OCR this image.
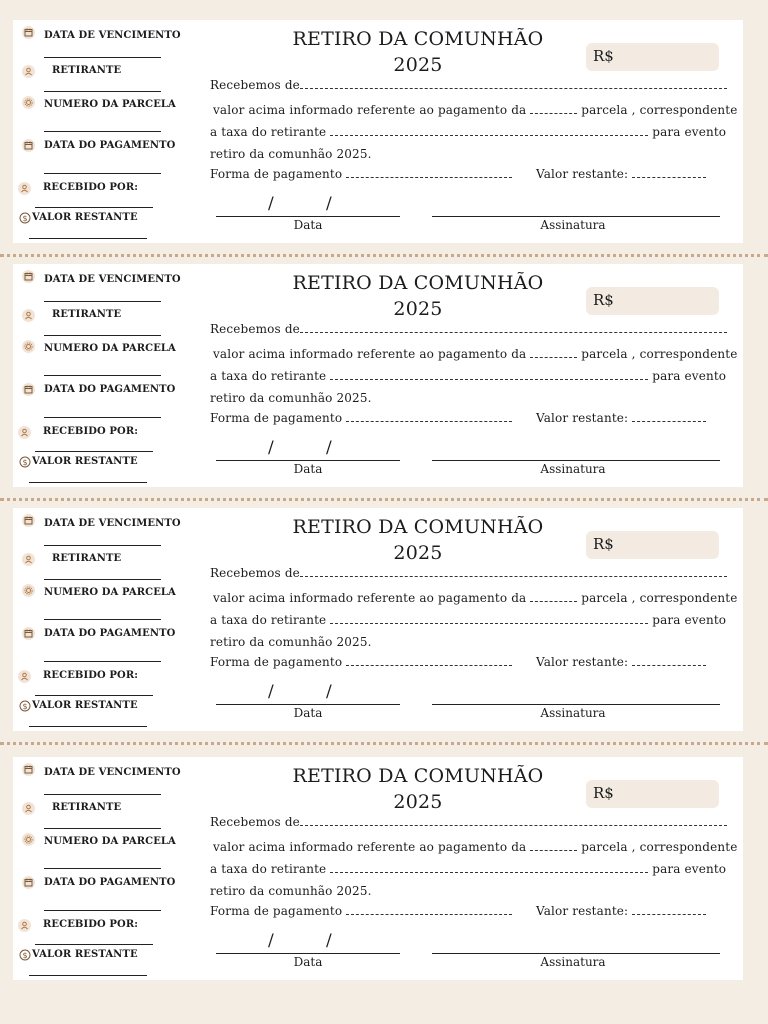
DATA DE VENCIMENTO
RETIRANTE
NUMERO DA PARCELA
DATA DO PAGAMENTO
RECEBIDO POR:
$ VALOR RESTANTE
RETIRO DA COMUNHÃO
2025	R$
Recebemos de
valor acima informado referente ao pagamento da	parcela , correspondente
a taxa do retirante	para evento
retiro da comunhão 2025.
Forma de pagamento	Valor restante:
/	/
Data	Assinatura
DATA DE VENCIMENTO
RETIRANTE
NUMERO DA PARCELA
DATA DO PAGAMENTO
RECEBIDO POR:
$ VALOR RESTANTE
RETIRO DA COMUNHÃO
2025	R$
Recebemos de
valor acima informado referente ao pagamento da	parcela , correspondente
a taxa do retirante	para evento
retiro da comunhão 2025.
Forma de pagamento	Valor restante:
/	/
Data	Assinatura
DATA DE VENCIMENTO
RETIRANTE
NUMERO DA PARCELA
DATA DO PAGAMENTO
RECEBIDO POR:
$ VALOR RESTANTE
RETIRO DA COMUNHÃO
2025	R$
Recebemos de
valor acima informado referente ao pagamento da	parcela , correspondente
a taxa do retirante	para evento
retiro da comunhão 2025.
Forma de pagamento	Valor restante:
/	/
Data	Assinatura
DATA DE VENCIMENTO
RETIRANTE
NUMERO DA PARCELA
DATA DO PAGAMENTO
RECEBIDO POR:
$ VALOR RESTANTE
RETIRO DA COMUNHÃO
2025	R$
Recebemos de
valor acima informado referente ao pagamento da	parcela , correspondente
a taxa do retirante	para evento
retiro da comunhão 2025.
Forma de pagamento	Valor restante:
/	/
Data	Assinatura
